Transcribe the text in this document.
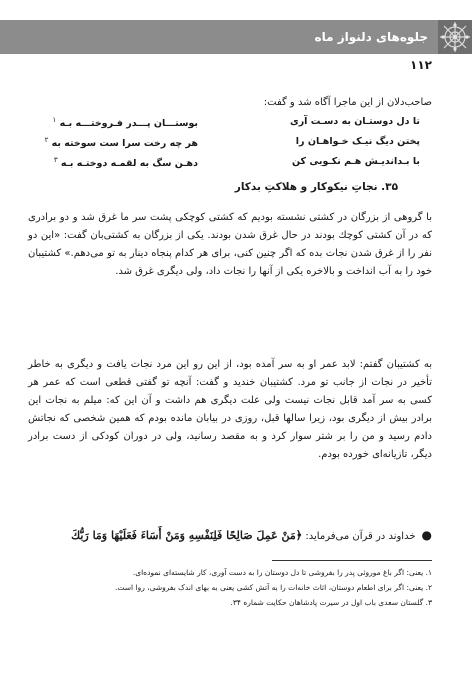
جلوه‌های دلنواز ماه
۱۱۲
صاحب‌دلان از این ماجرا آگاه شد و گفت:
تا دل دوستـان به دسـت آری
بوستـــان پـــدر فـروختـــه بـه $^۱$
پختن دیگ نیـک خـواهـان را
هر چه رخت سرا ست سوخته به $^۲$
با بـداندیـش هـم نکـویی کن
دهـن سگ به لقمـه دوختـه بـه $^۳$
۳۵. نجاتِ نیکوکار و هلاکتِ بدکار
با گروهی از بزرگان در کشتی نشسته بودیم که کشتی کوچکی پشت سر ما غرق شد و دو برادری که در آن کشتی کوچك بودند در حال غرق شدن بودند. یکی از بزرگان به کشتی‌بان گفت: «این دو نفر را از غرق شدن نجات بده که اگر چنین کنی، برای هر کدام پنجاه دینار به تو می‌دهم.» کشتیبان خود را به آب انداخت و بالاخره یکی از آنها را نجات داد، ولی دیگری غرق شد.
به کشتیبان گفتم: لابد عمر او به سر آمده بود، از این رو این مرد نجات یافت و دیگری به خاطر تأخیر در نجات از جانب تو مرد. کشتیبان خندید و گفت: آنچه تو گفتی قطعی است که عمر هر کسی به سر آمد قابل نجات نیست ولی علت دیگری هم داشت و آن این که: میلم به نجات این برادر بیش از دیگری بود، زیرا سالها قبل، روزی در بیابان مانده بودم که همین شخصی که نجاتش دادم رسید و من را بر شتر سوار کرد و به مقصد رسانید، ولی در دوران کودکی از دست برادر دیگر، تازیانه‌ای خورده بودم.
●خداوند در قرآن می‌فرماید: ﴿مَنْ عَمِلَ صَالِحًا فَلِنَفْسِهِ وَمَنْ أَسَاءَ فَعَلَيْهَا وَمَا رَبُّكَ
۱. یعنی: اگر باغ موروثی پدر را بفروشی تا دل دوستان را به دست آوری، کار شایسته‌ای نموده‌ای.
۲. یعنی: اگر برای اطعام دوستان، اثاث خانه‌ات را به آتش کشی یعنی به بهای اندک بفروشی، روا است.
۳. گلستان سعدی باب اول در سیرت پادشاهان حکایت شماره ۳۴.
